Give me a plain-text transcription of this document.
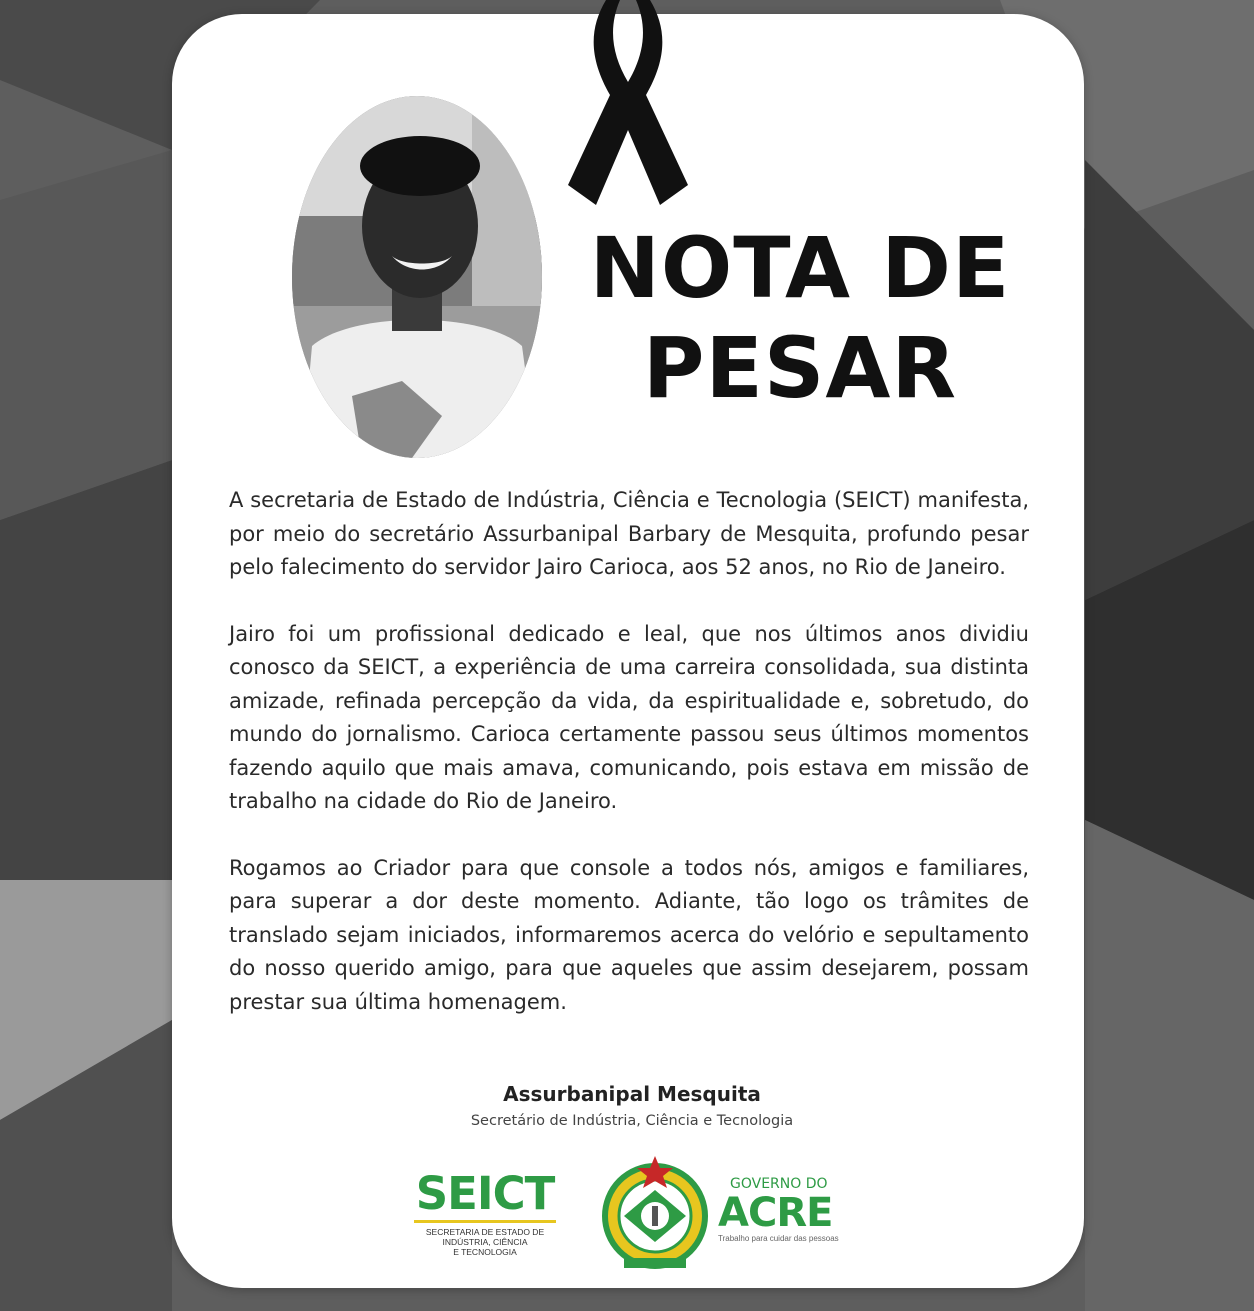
NOTA DE
PESAR

A secretaria de Estado de Indústria, Ciência e Tecnologia (SEICT) manifesta, por meio do secretário Assurbanipal Barbary de Mesquita, profundo pesar pelo falecimento do servidor Jairo Carioca, aos 52 anos, no Rio de Janeiro.

Jairo foi um profissional dedicado e leal, que nos últimos anos dividiu conosco da SEICT, a experiência de uma carreira consolidada, sua distinta amizade, refinada percepção da vida, da espiritualidade e, sobretudo, do mundo do jornalismo. Carioca certamente passou seus últimos momentos fazendo aquilo que mais amava, comunicando, pois estava em missão de trabalho na cidade do Rio de Janeiro.

Rogamos ao Criador para que console a todos nós, amigos e familiares, para superar a dor deste momento. Adiante, tão logo os trâmites de translado sejam iniciados, informaremos acerca do velório e sepultamento do nosso querido amigo, para que aqueles que assim desejarem, possam prestar sua última homenagem.

Assurbanipal Mesquita
Secretário de Indústria, Ciência e Tecnologia
SEICT
SECRETARIA DE ESTADO DE
INDÚSTRIA, CIÊNCIA
E TECNOLOGIA
GOVERNO DO
ACRE
Trabalho para cuidar das pessoas
